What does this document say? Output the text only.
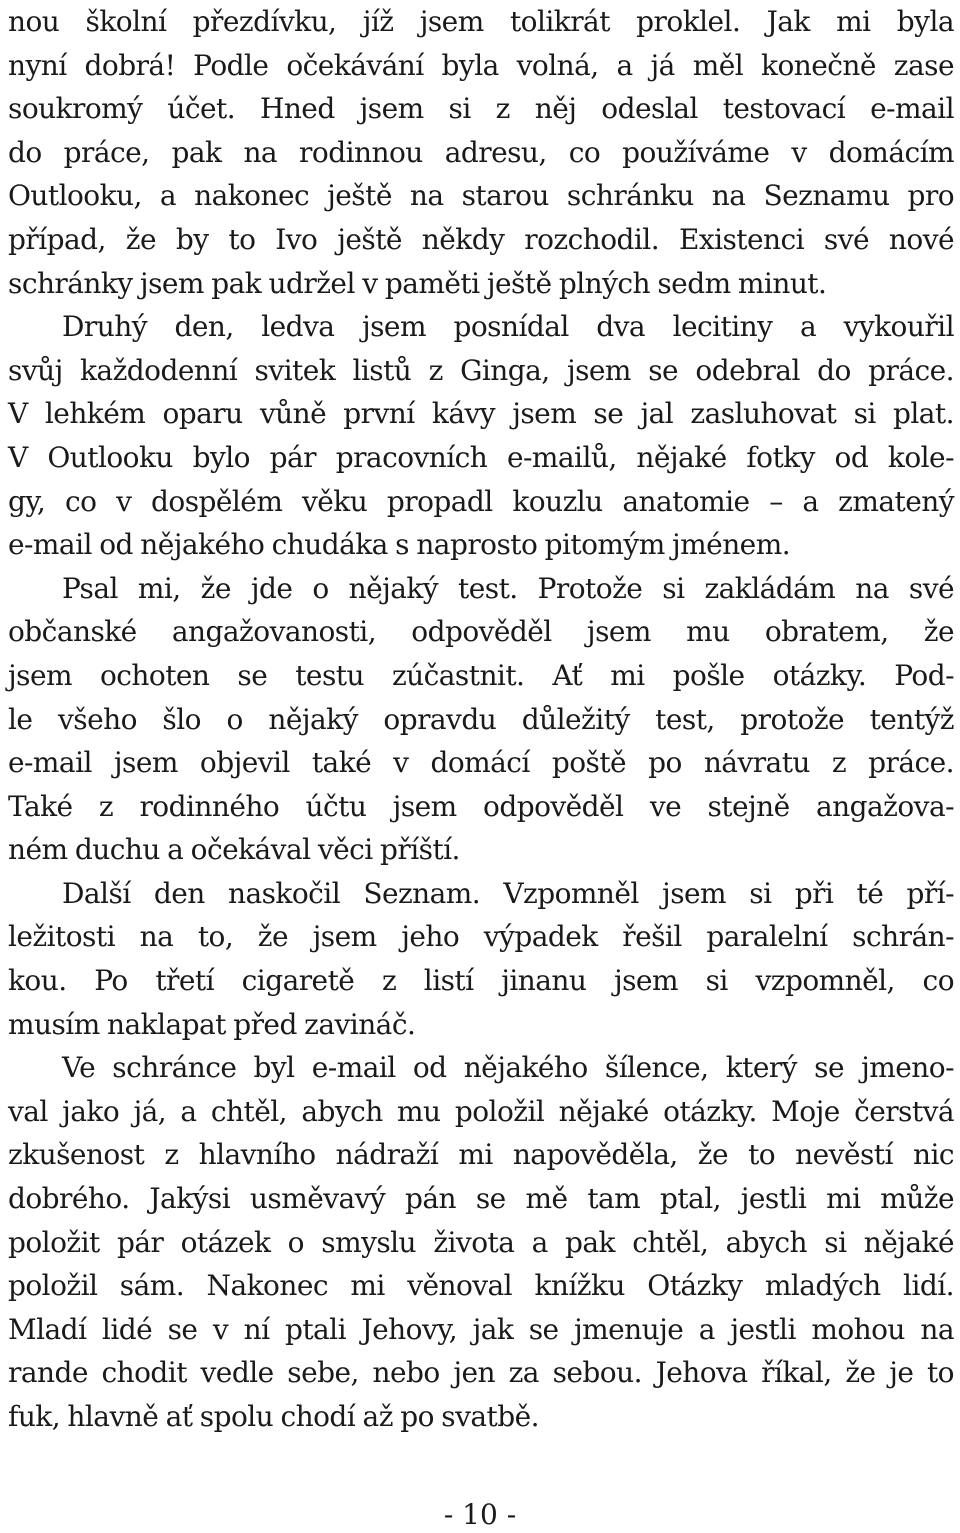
nou školní přezdívku, jíž jsem tolikrát proklel. Jak mi byla
nyní dobrá! Podle očekávání byla volná, a já měl konečně zase
soukromý účet. Hned jsem si z něj odeslal testovací e-mail
do práce, pak na rodinnou adresu, co používáme v domácím
Outlooku, a nakonec ještě na starou schránku na Seznamu pro
případ, že by to Ivo ještě někdy rozchodil. Existenci své nové
schránky jsem pak udržel v paměti ještě plných sedm minut.
Druhý den, ledva jsem posnídal dva lecitiny a vykouřil
svůj každodenní svitek listů z Ginga, jsem se odebral do práce.
V lehkém oparu vůně první kávy jsem se jal zasluhovat si plat.
V Outlooku bylo pár pracovních e-mailů, nějaké fotky od kole-
gy, co v dospělém věku propadl kouzlu anatomie – a zmatený
e-mail od nějakého chudáka s naprosto pitomým jménem.
Psal mi, že jde o nějaký test. Protože si zakládám na své
občanské angažovanosti, odpověděl jsem mu obratem, že
jsem ochoten se testu zúčastnit. Ať mi pošle otázky. Pod-
le všeho šlo o nějaký opravdu důležitý test, protože tentýž
e-mail jsem objevil také v domácí poště po návratu z práce.
Také z rodinného účtu jsem odpověděl ve stejně angažova-
ném duchu a očekával věci příští.
Další den naskočil Seznam. Vzpomněl jsem si při té pří-
ležitosti na to, že jsem jeho výpadek řešil paralelní schrán-
kou. Po třetí cigaretě z listí jinanu jsem si vzpomněl, co
musím naklapat před zavináč.
Ve schránce byl e-mail od nějakého šílence, který se jmeno-
val jako já, a chtěl, abych mu položil nějaké otázky. Moje čerstvá
zkušenost z hlavního nádraží mi napověděla, že to nevěstí nic
dobrého. Jakýsi usměvavý pán se mě tam ptal, jestli mi může
položit pár otázek o smyslu života a pak chtěl, abych si nějaké
položil sám. Nakonec mi věnoval knížku Otázky mladých lidí.
Mladí lidé se v ní ptali Jehovy, jak se jmenuje a jestli mohou na
rande chodit vedle sebe, nebo jen za sebou. Jehova říkal, že je to
fuk, hlavně ať spolu chodí až po svatbě.
- 10 -
